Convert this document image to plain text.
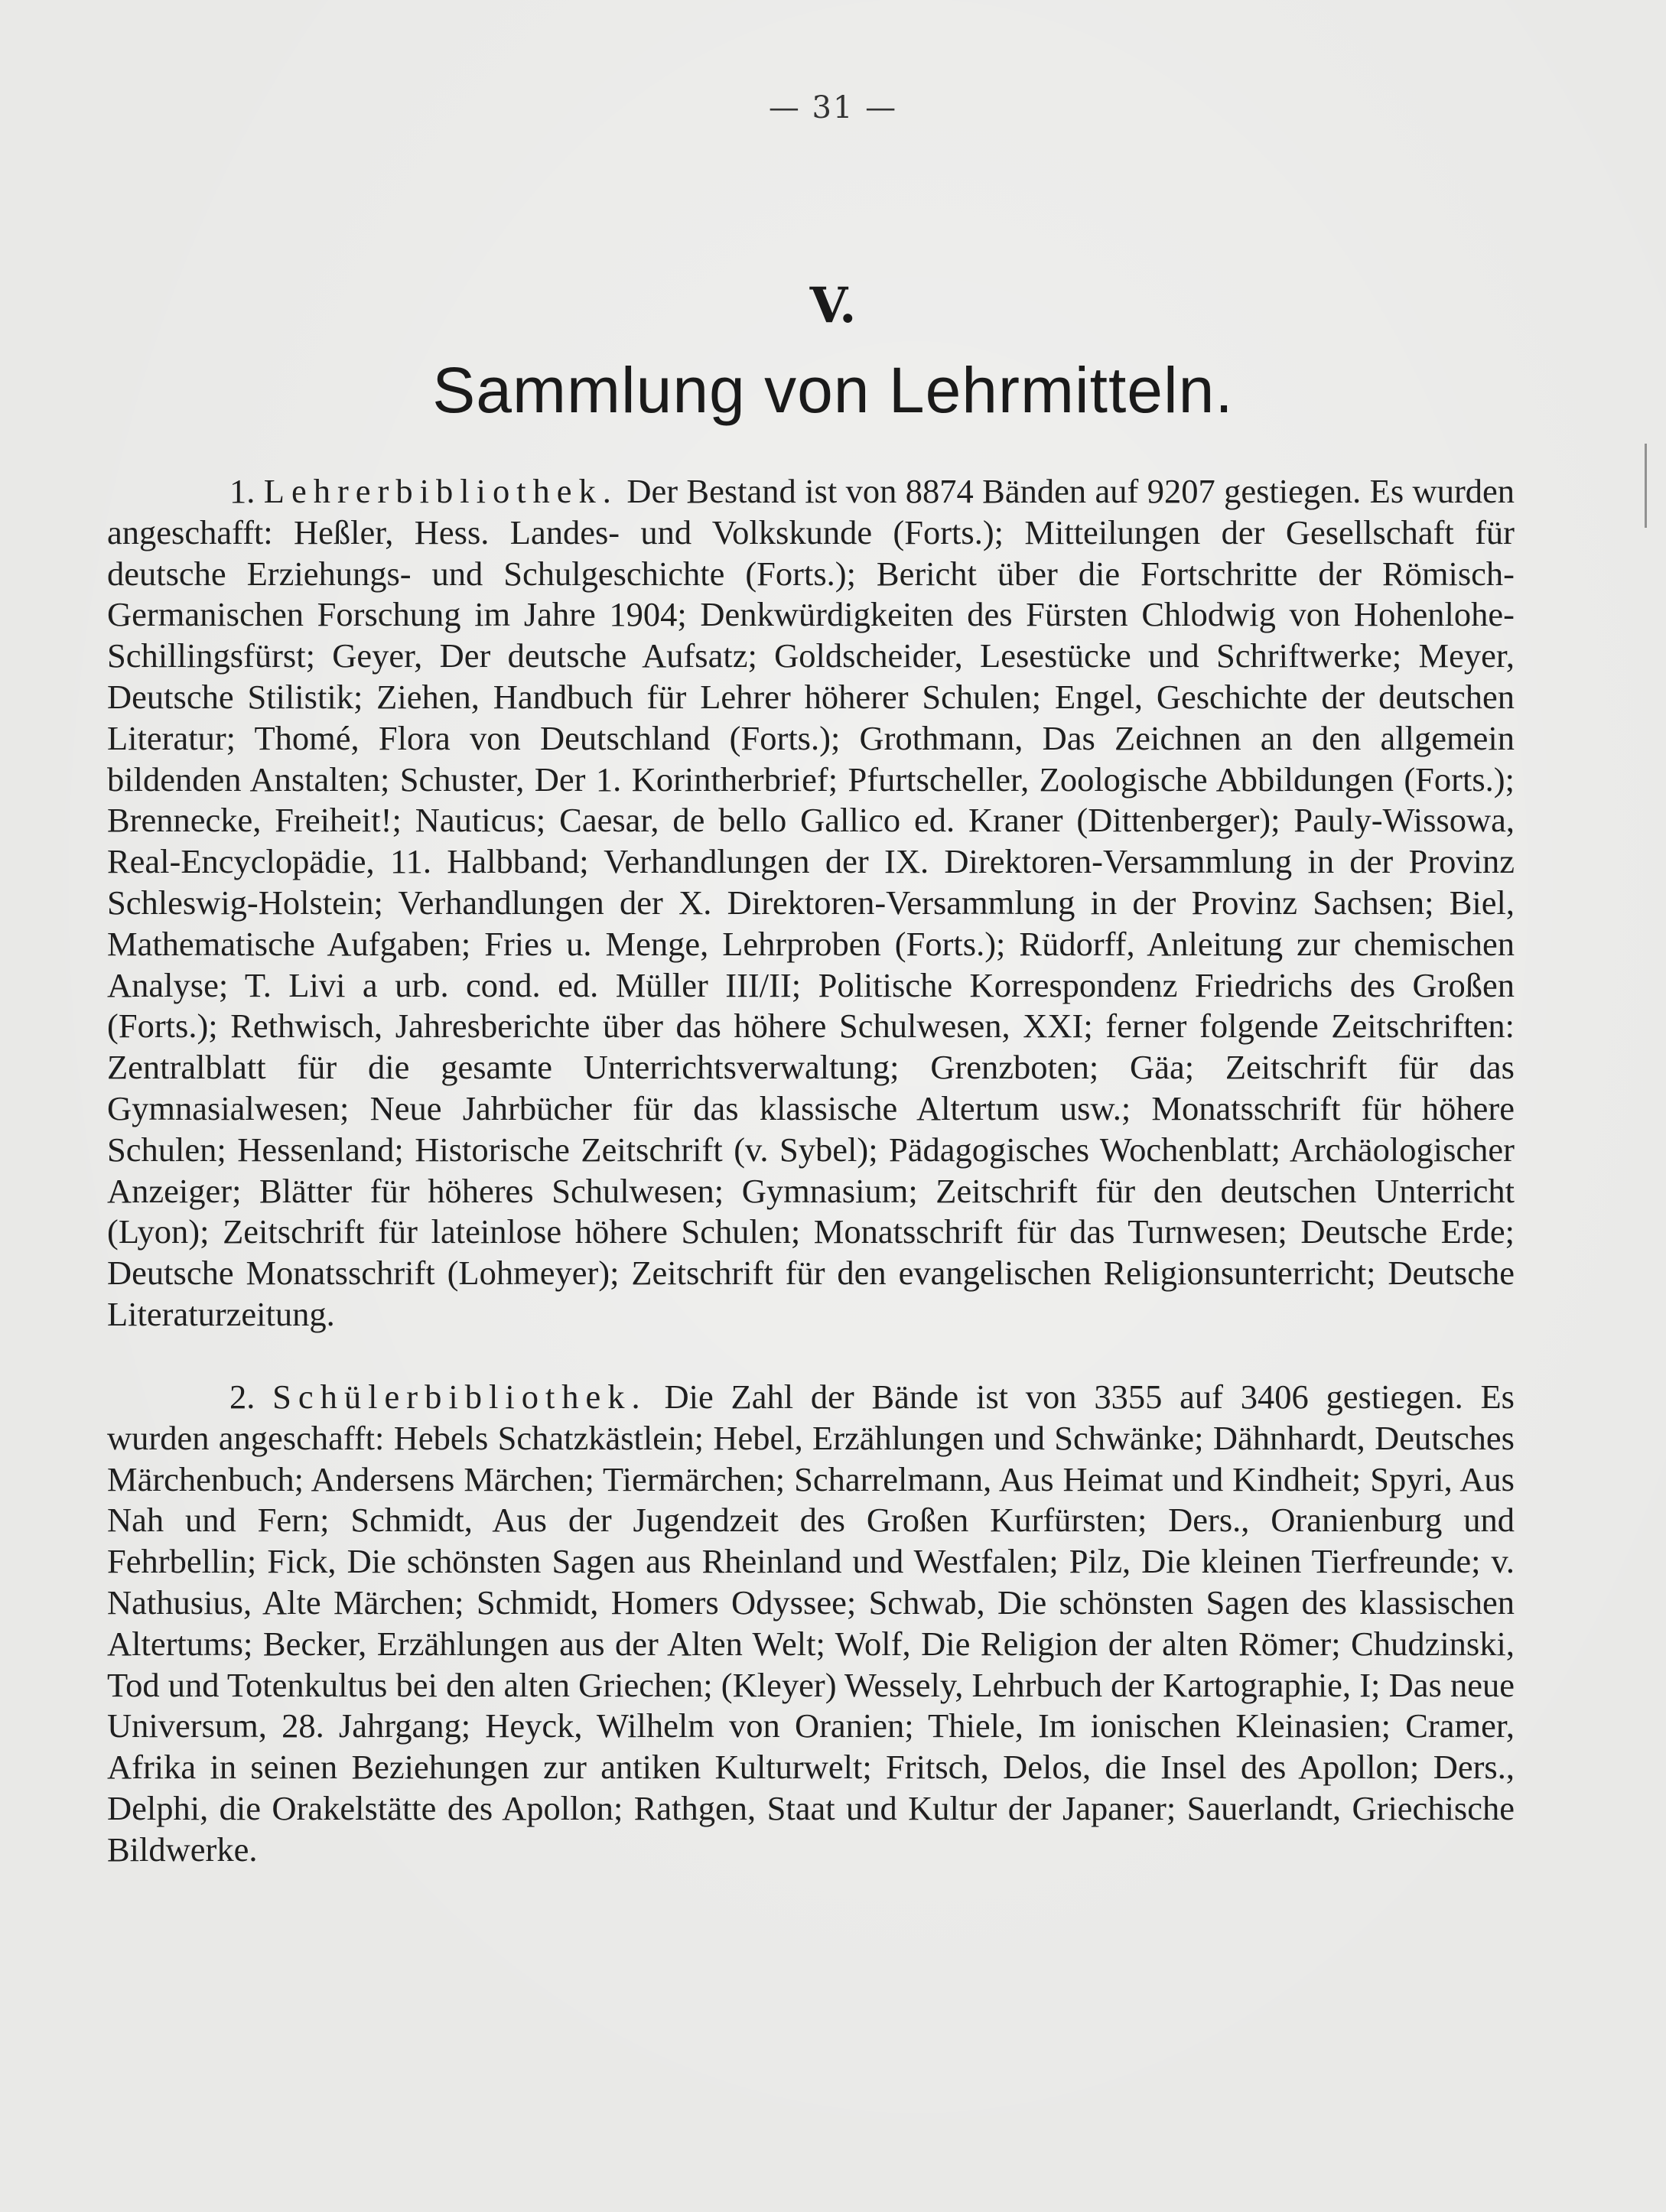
— 31 —
V.
Sammlung von Lehrmitteln.

1. Lehrerbibliothek. Der Bestand ist von 8874 Bänden auf 9207 gestiegen. Es wurden angeschafft: Heßler, Hess. Landes- und Volkskunde (Forts.); Mitteilungen der Gesellschaft für deutsche Erziehungs- und Schulgeschichte (Forts.); Bericht über die Fortschritte der Römisch-Germanischen Forschung im Jahre 1904; Denkwürdigkeiten des Fürsten Chlodwig von Hohenlohe-Schillingsfürst; Geyer, Der deutsche Aufsatz; Goldscheider, Lesestücke und Schriftwerke; Meyer, Deutsche Stilistik; Ziehen, Handbuch für Lehrer höherer Schulen; Engel, Geschichte der deutschen Literatur; Thomé, Flora von Deutschland (Forts.); Grothmann, Das Zeichnen an den allgemein bildenden Anstalten; Schuster, Der 1. Korintherbrief; Pfurtscheller, Zoologische Abbildungen (Forts.); Brennecke, Freiheit!; Nauticus; Caesar, de bello Gallico ed. Kraner (Dittenberger); Pauly-Wissowa, Real-Encyclopädie, 11. Halbband; Verhandlungen der IX. Direktoren-Versammlung in der Provinz Schleswig-Holstein; Verhandlungen der X. Direktoren-Versammlung in der Provinz Sachsen; Biel, Mathematische Aufgaben; Fries u. Menge, Lehrproben (Forts.); Rüdorff, Anleitung zur chemischen Analyse; T. Livi a urb. cond. ed. Müller III/II; Politische Korrespondenz Friedrichs des Großen (Forts.); Rethwisch, Jahresberichte über das höhere Schulwesen, XXI; ferner folgende Zeitschriften: Zentralblatt für die gesamte Unterrichtsverwaltung; Grenzboten; Gäa; Zeitschrift für das Gymnasialwesen; Neue Jahrbücher für das klassische Altertum usw.; Monatsschrift für höhere Schulen; Hessenland; Historische Zeitschrift (v. Sybel); Pädagogisches Wochenblatt; Archäologischer Anzeiger; Blätter für höheres Schulwesen; Gymnasium; Zeitschrift für den deutschen Unterricht (Lyon); Zeitschrift für lateinlose höhere Schulen; Monatsschrift für das Turnwesen; Deutsche Erde; Deutsche Monatsschrift (Lohmeyer); Zeitschrift für den evangelischen Religionsunterricht; Deutsche Literaturzeitung.

2. Schülerbibliothek. Die Zahl der Bände ist von 3355 auf 3406 gestiegen. Es wurden angeschafft: Hebels Schatzkästlein; Hebel, Erzählungen und Schwänke; Dähnhardt, Deutsches Märchenbuch; Andersens Märchen; Tiermärchen; Scharrelmann, Aus Heimat und Kindheit; Spyri, Aus Nah und Fern; Schmidt, Aus der Jugendzeit des Großen Kurfürsten; Ders., Oranienburg und Fehrbellin; Fick, Die schönsten Sagen aus Rheinland und Westfalen; Pilz, Die kleinen Tierfreunde; v. Nathusius, Alte Märchen; Schmidt, Homers Odyssee; Schwab, Die schönsten Sagen des klassischen Altertums; Becker, Erzählungen aus der Alten Welt; Wolf, Die Religion der alten Römer; Chudzinski, Tod und Totenkultus bei den alten Griechen; (Kleyer) Wessely, Lehrbuch der Kartographie, I; Das neue Universum, 28. Jahrgang; Heyck, Wilhelm von Oranien; Thiele, Im ionischen Kleinasien; Cramer, Afrika in seinen Beziehungen zur antiken Kulturwelt; Fritsch, Delos, die Insel des Apollon; Ders., Delphi, die Orakelstätte des Apollon; Rathgen, Staat und Kultur der Japaner; Sauerlandt, Griechische Bildwerke.
